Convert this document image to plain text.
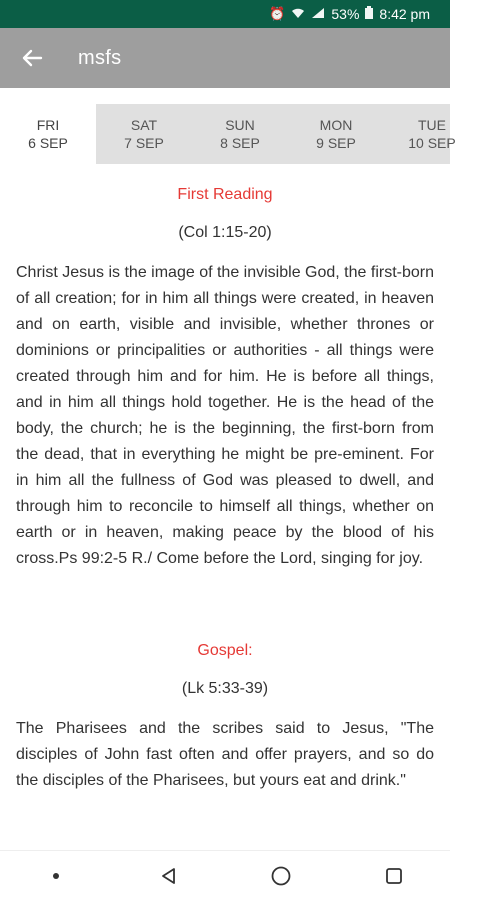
⏰	53% 8:42 pm
msfs
FRI
6 SEP
SAT
7 SEP
SUN
8 SEP
MON
9 SEP
TUE
10 SEP
First Reading
(Col 1:15-20)

Christ Jesus is the image of the invisible God, the first-born of all creation; for in him all things were created, in heaven and on earth, visible and invisible, whether thrones or dominions or principalities or authorities - all things were created through him and for him. He is before all things, and in him all things hold together. He is the head of the body, the church; he is the beginning, the first-born from the dead, that in everything he might be pre-eminent. For in him all the fullness of God was pleased to dwell, and through him to reconcile to himself all things, whether on earth or in heaven, making peace by the blood of his cross.Ps 99:2-5 R./ Come before the Lord, singing for joy.

Gospel:
(Lk 5:33-39)

The Pharisees and the scribes said to Jesus, "The disciples of John fast often and offer prayers, and so do the disciples of the Pharisees, but yours eat and drink."
